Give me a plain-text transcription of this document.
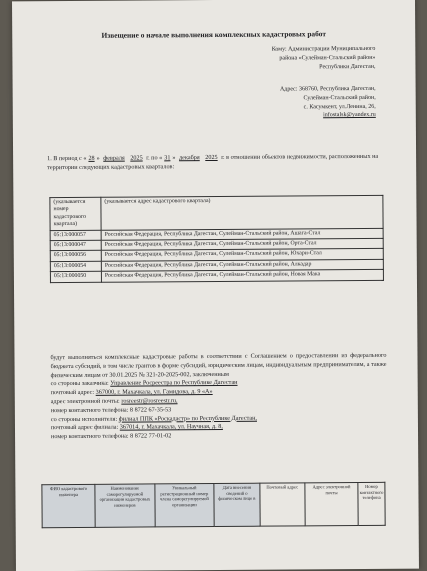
Извещение о начале выполнения комплексных кадастровых работ
Кому: Администрации Муниципального
района «Сулейман-Стальский район»
Республики Дагестан,
Адрес: 368760, Республика Дагестан,
Сулейман-Стальский район,
с. Касумкент, ул.Ленина, 26,
infostalsk@yandex.ru
1. В период с « 28 » февраля 2025 г. по « 31 » декабря 2025 г. в отношении объектов недвижимости, расположенных на территории следующих кадастровых кварталов:
(указывается номер кадастрового квартала)	(указывается адрес кадастрового квартала)
05:13:000057	Российская Федерация, Республика Дагестан, Сулейман-Стальский район, Ашага-Стал
05:13:000047	Российская Федерация, Республика Дагестан, Сулейман-Стальский район, Орта-Стал
05:13:000056	Российская Федерация, Республика Дагестан, Сулейман-Стальский район, Юхари-Стал
05:13:000054	Российская Федерация, Республика Дагестан, Сулейман-Стальский район, Алкадар
05:13:000050	Российская Федерация, Республика Дагестан, Сулейман-Стальский район, Новая Мака
будут выполняться комплексные кадастровые работы в соответствии с Соглашением о предоставлении из федерального бюджета субсидий, в том числе грантов в форме субсидий, юридическим лицам, индивидуальным предпринимателям, а также физическим лицам от 30.01.2025 № 321-20-2025-002, заключенным
со стороны заказчика: Управление Росреестра по Республике Дагестан
почтовый адрес: 367000, г. Махачкала, ул. Гамидова, д. 9 «А»
адрес электронной почты: rosreestr@rosreestr.ru,
номер контактного телефона: 8 8722 67-35-53
со стороны исполнителя: филиал ППК «Роскадастр» по Республике Дагестан,
почтовый адрес филиала: 367014, г. Махачкала, ул. Научная, д. 8,
номер контактного телефона: 8 8722 77-01-02
ФИО кадастрового инженера	Наименование саморегулируемой организации кадастровых инженеров	Уникальный регистрационный номер члена саморегулируемой организации	Дата внесения сведений о физическом лице в	Почтовый адрес	Адрес электронной почты	Номер контактного телефона
